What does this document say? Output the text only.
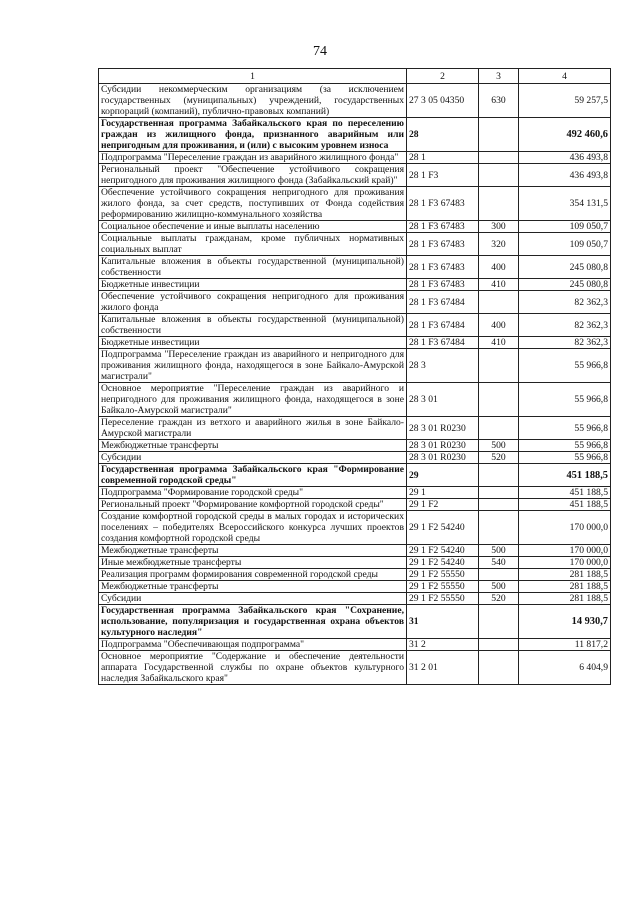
74
1	2	3	4
Субсидии некоммерческим организациям (за исключением государственных (муниципальных) учреждений, государственных корпораций (компаний), публично-правовых компаний)	27 3 05 04350	630	59 257,5
Государственная программа Забайкальского края по переселению граждан из жилищного фонда, признанного аварийным или непригодным для проживания, и (или) с высоким уровнем износа	28		492 460,6
Подпрограмма "Переселение граждан из аварийного жилищного фонда"	28 1		436 493,8
Региональный проект "Обеспечение устойчивого сокращения непригодного для проживания жилищного фонда (Забайкальский край)"	28 1 F3		436 493,8
Обеспечение устойчивого сокращения непригодного для проживания жилого фонда, за счет средств, поступивших от Фонда содействия реформированию жилищно-коммунального хозяйства	28 1 F3 67483		354 131,5
Социальное обеспечение и иные выплаты населению	28 1 F3 67483	300	109 050,7
Социальные выплаты гражданам, кроме публичных нормативных социальных выплат	28 1 F3 67483	320	109 050,7
Капитальные вложения в объекты государственной (муниципальной) собственности	28 1 F3 67483	400	245 080,8
Бюджетные инвестиции	28 1 F3 67483	410	245 080,8
Обеспечение устойчивого сокращения непригодного для проживания жилого фонда	28 1 F3 67484		82 362,3
Капитальные вложения в объекты государственной (муниципальной) собственности	28 1 F3 67484	400	82 362,3
Бюджетные инвестиции	28 1 F3 67484	410	82 362,3
Подпрограмма "Переселение граждан из аварийного и непригодного для проживания жилищного фонда, находящегося в зоне Байкало-Амурской магистрали"	28 3		55 966,8
Основное мероприятие "Переселение граждан из аварийного и непригодного для проживания жилищного фонда, находящегося в зоне Байкало-Амурской магистрали"	28 3 01		55 966,8
Переселение граждан из ветхого и аварийного жилья в зоне Байкало-Амурской магистрали	28 3 01 R0230		55 966,8
Межбюджетные трансферты	28 3 01 R0230	500	55 966,8
Субсидии	28 3 01 R0230	520	55 966,8
Государственная программа Забайкальского края "Формирование современной городской среды"	29		451 188,5
Подпрограмма "Формирование городской среды"	29 1		451 188,5
Региональный проект "Формирование комфортной городской среды"	29 1 F2		451 188,5
Создание комфортной городской среды в малых городах и исторических поселениях – победителях Всероссийского конкурса лучших проектов создания комфортной городской среды	29 1 F2 54240		170 000,0
Межбюджетные трансферты	29 1 F2 54240	500	170 000,0
Иные межбюджетные трансферты	29 1 F2 54240	540	170 000,0
Реализация программ формирования современной городской среды	29 1 F2 55550		281 188,5
Межбюджетные трансферты	29 1 F2 55550	500	281 188,5
Субсидии	29 1 F2 55550	520	281 188,5
Государственная программа Забайкальского края "Сохранение, использование, популяризация и государственная охрана объектов культурного наследия"	31		14 930,7
Подпрограмма "Обеспечивающая подпрограмма"	31 2		11 817,2
Основное мероприятие "Содержание и обеспечение деятельности аппарата Государственной службы по охране объектов культурного наследия Забайкальского края"	31 2 01		6 404,9
